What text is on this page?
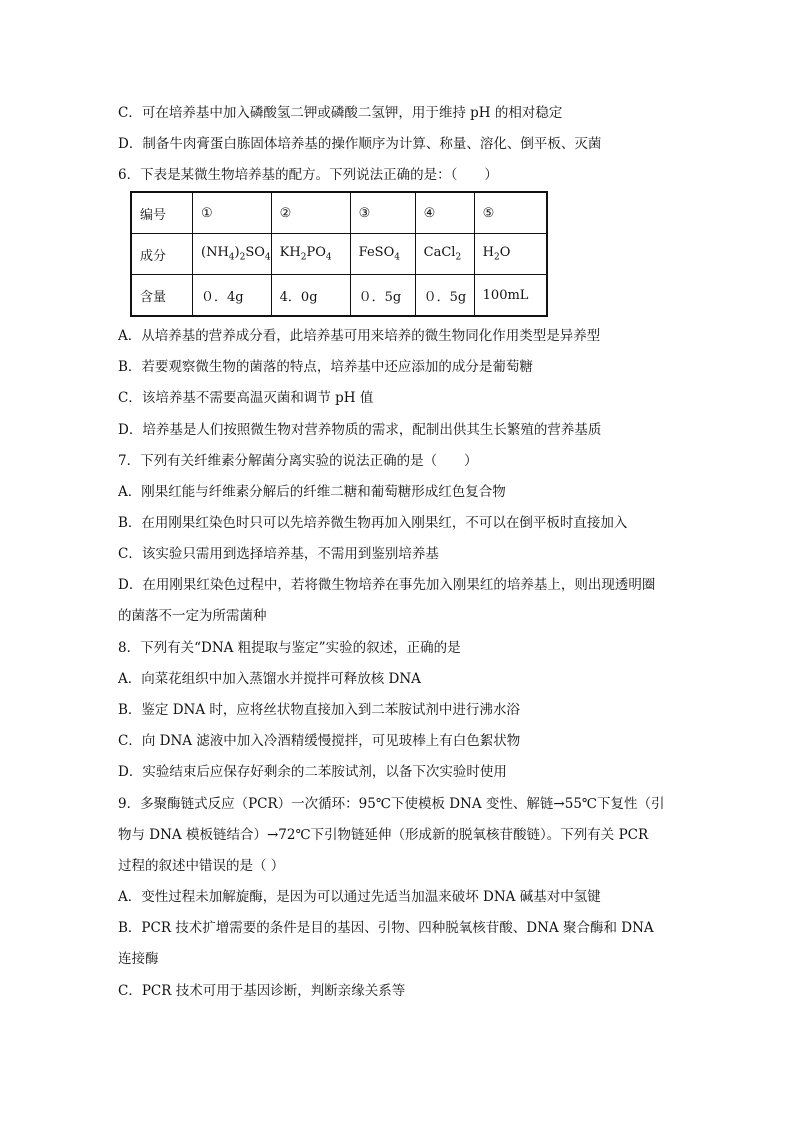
C．可在培养基中加入磷酸氢二钾或磷酸二氢钾，用于维持 pH 的相对稳定
D．制备牛肉膏蛋白胨固体培养基的操作顺序为计算、称量、溶化、倒平板、灭菌
6．下表是某微生物培养基的配方。下列说法正确的是：（　　）
编号	①	②	③	④	⑤
成分	$(NH_4)_2SO_4$	$KH_2PO_4$	FeSO$_4$	CaCl$_2$	$H_2O$
含量	０．4g	4．0g	０．5g	０．5g	100mL
A．从培养基的营养成分看，此培养基可用来培养的微生物同化作用类型是异养型
B．若要观察微生物的菌落的特点，培养基中还应添加的成分是葡萄糖
C．该培养基不需要高温灭菌和调节 pH 值
D．培养基是人们按照微生物对营养物质的需求，配制出供其生长繁殖的营养基质
7．下列有关纤维素分解菌分离实验的说法正确的是（　　）
A．刚果红能与纤维素分解后的纤维二糖和葡萄糖形成红色复合物
B．在用刚果红染色时只可以先培养微生物再加入刚果红，不可以在倒平板时直接加入
C．该实验只需用到选择培养基，不需用到鉴别培养基
D．在用刚果红染色过程中，若将微生物培养在事先加入刚果红的培养基上，则出现透明圈
的菌落不一定为所需菌种
8．下列有关“DNA 粗提取与鉴定”实验的叙述，正确的是
A．向菜花组织中加入蒸馏水并搅拌可释放核 DNA
B．鉴定 DNA 时，应将丝状物直接加入到二苯胺试剂中进行沸水浴
C．向 DNA 滤液中加入冷酒精缓慢搅拌，可见玻棒上有白色絮状物
D．实验结束后应保存好剩余的二苯胺试剂，以备下次实验时使用
9．多聚酶链式反应（PCR）一次循环：95℃下使模板 DNA 变性、解链→55℃下复性（引
物与 DNA 模板链结合）→72℃下引物链延伸（形成新的脱氧核苷酸链）。下列有关 PCR
过程的叙述中错误的是（ ）
A．变性过程未加解旋酶，是因为可以通过先适当加温来破坏 DNA 碱基对中氢键
B．PCR 技术扩增需要的条件是目的基因、引物、四种脱氧核苷酸、DNA 聚合酶和 DNA
连接酶
C．PCR 技术可用于基因诊断，判断亲缘关系等
